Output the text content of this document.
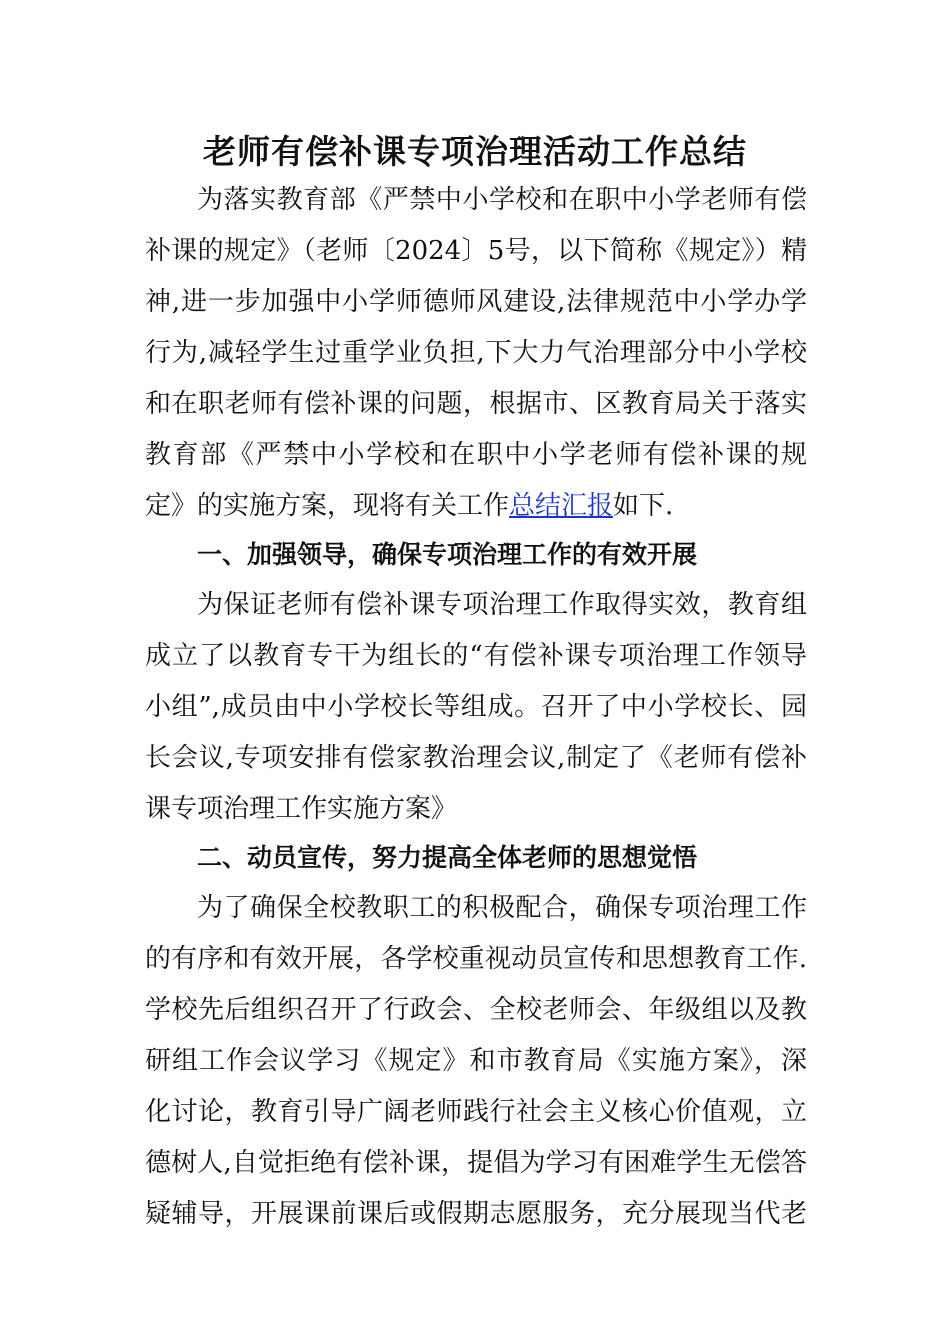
老师有偿补课专项治理活动工作总结
为落实教育部《严禁中小学校和在职中小学老师有偿
补课的规定》（老师〔2024〕5号，以下简称《规定》）精
神,进一步加强中小学师德师风建设,法律规范中小学办学
行为,减轻学生过重学业负担,下大力气治理部分中小学校
和在职老师有偿补课的问题，根据市、区教育局关于落实
教育部《严禁中小学校和在职中小学老师有偿补课的规
定》的实施方案，现将有关工作总结汇报如下.
一、加强领导，确保专项治理工作的有效开展
为保证老师有偿补课专项治理工作取得实效，教育组
成立了以教育专干为组长的“有偿补课专项治理工作领导
小组”,成员由中小学校长等组成。召开了中小学校长、园
长会议,专项安排有偿家教治理会议,制定了《老师有偿补
课专项治理工作实施方案》
二、动员宣传，努力提高全体老师的思想觉悟
为了确保全校教职工的积极配合，确保专项治理工作
的有序和有效开展，各学校重视动员宣传和思想教育工作.
学校先后组织召开了行政会、全校老师会、年级组以及教
研组工作会议学习《规定》和市教育局《实施方案》，深
化讨论，教育引导广阔老师践行社会主义核心价值观，立
德树人,自觉拒绝有偿补课，提倡为学习有困难学生无偿答
疑辅导，开展课前课后或假期志愿服务，充分展现当代老
